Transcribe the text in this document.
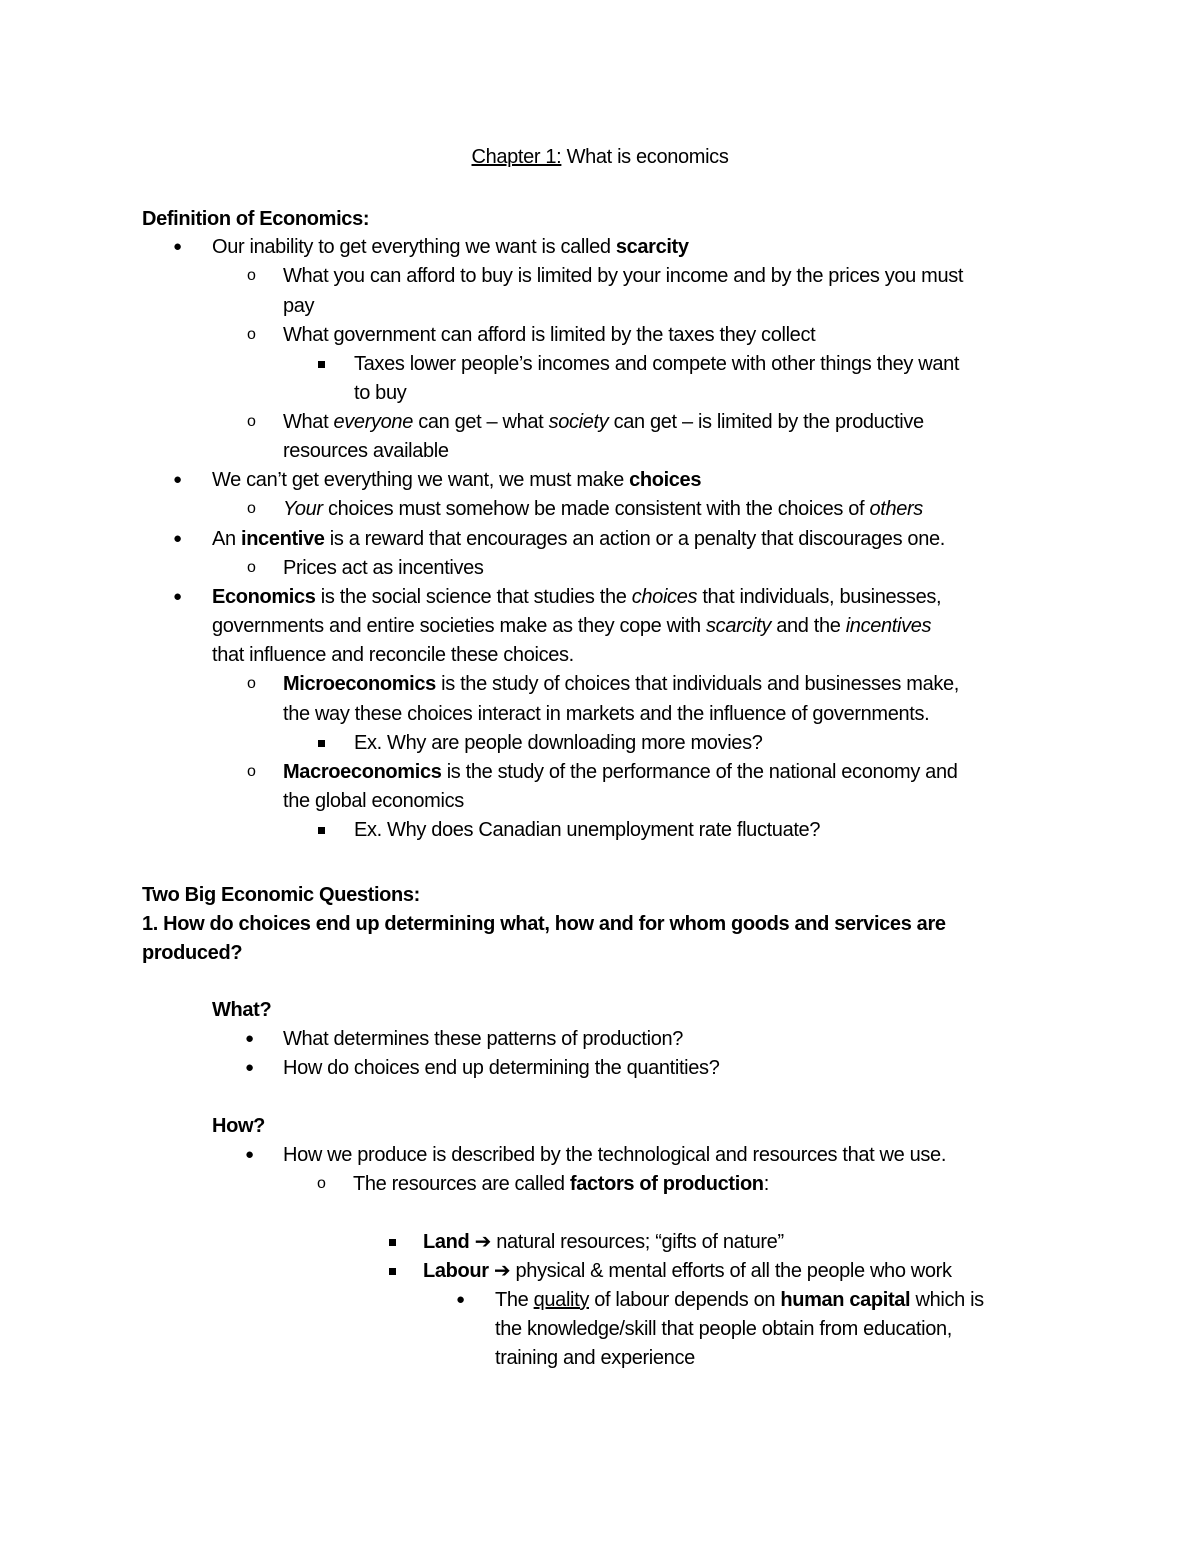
Chapter 1: What is economics
Definition of Economics:
● Our inability to get everything we want is called scarcity
o What you can afford to buy is limited by your income and by the prices you must
pay
o What government can afford is limited by the taxes they collect
Taxes lower people’s incomes and compete with other things they want
to buy
o What everyone can get – what society can get – is limited by the productive
resources available
● We can’t get everything we want, we must make choices
o Your choices must somehow be made consistent with the choices of others
● An incentive is a reward that encourages an action or a penalty that discourages one.
o Prices act as incentives
● Economics is the social science that studies the choices that individuals, businesses,
governments and entire societies make as they cope with scarcity and the incentives
that influence and reconcile these choices.
o Microeconomics is the study of choices that individuals and businesses make,
the way these choices interact in markets and the influence of governments.
Ex. Why are people downloading more movies?
o Macroeconomics is the study of the performance of the national economy and
the global economics
Ex. Why does Canadian unemployment rate fluctuate?
Two Big Economic Questions:
1. How do choices end up determining what, how and for whom goods and services are
produced?
What?
● What determines these patterns of production?
● How do choices end up determining the quantities?
How?
● How we produce is described by the technological and resources that we use.
o The resources are called factors of production:
Land ➔ natural resources; “gifts of nature”
Labour ➔ physical & mental efforts of all the people who work
● The quality of labour depends on human capital which is
the knowledge/skill that people obtain from education,
training and experience
